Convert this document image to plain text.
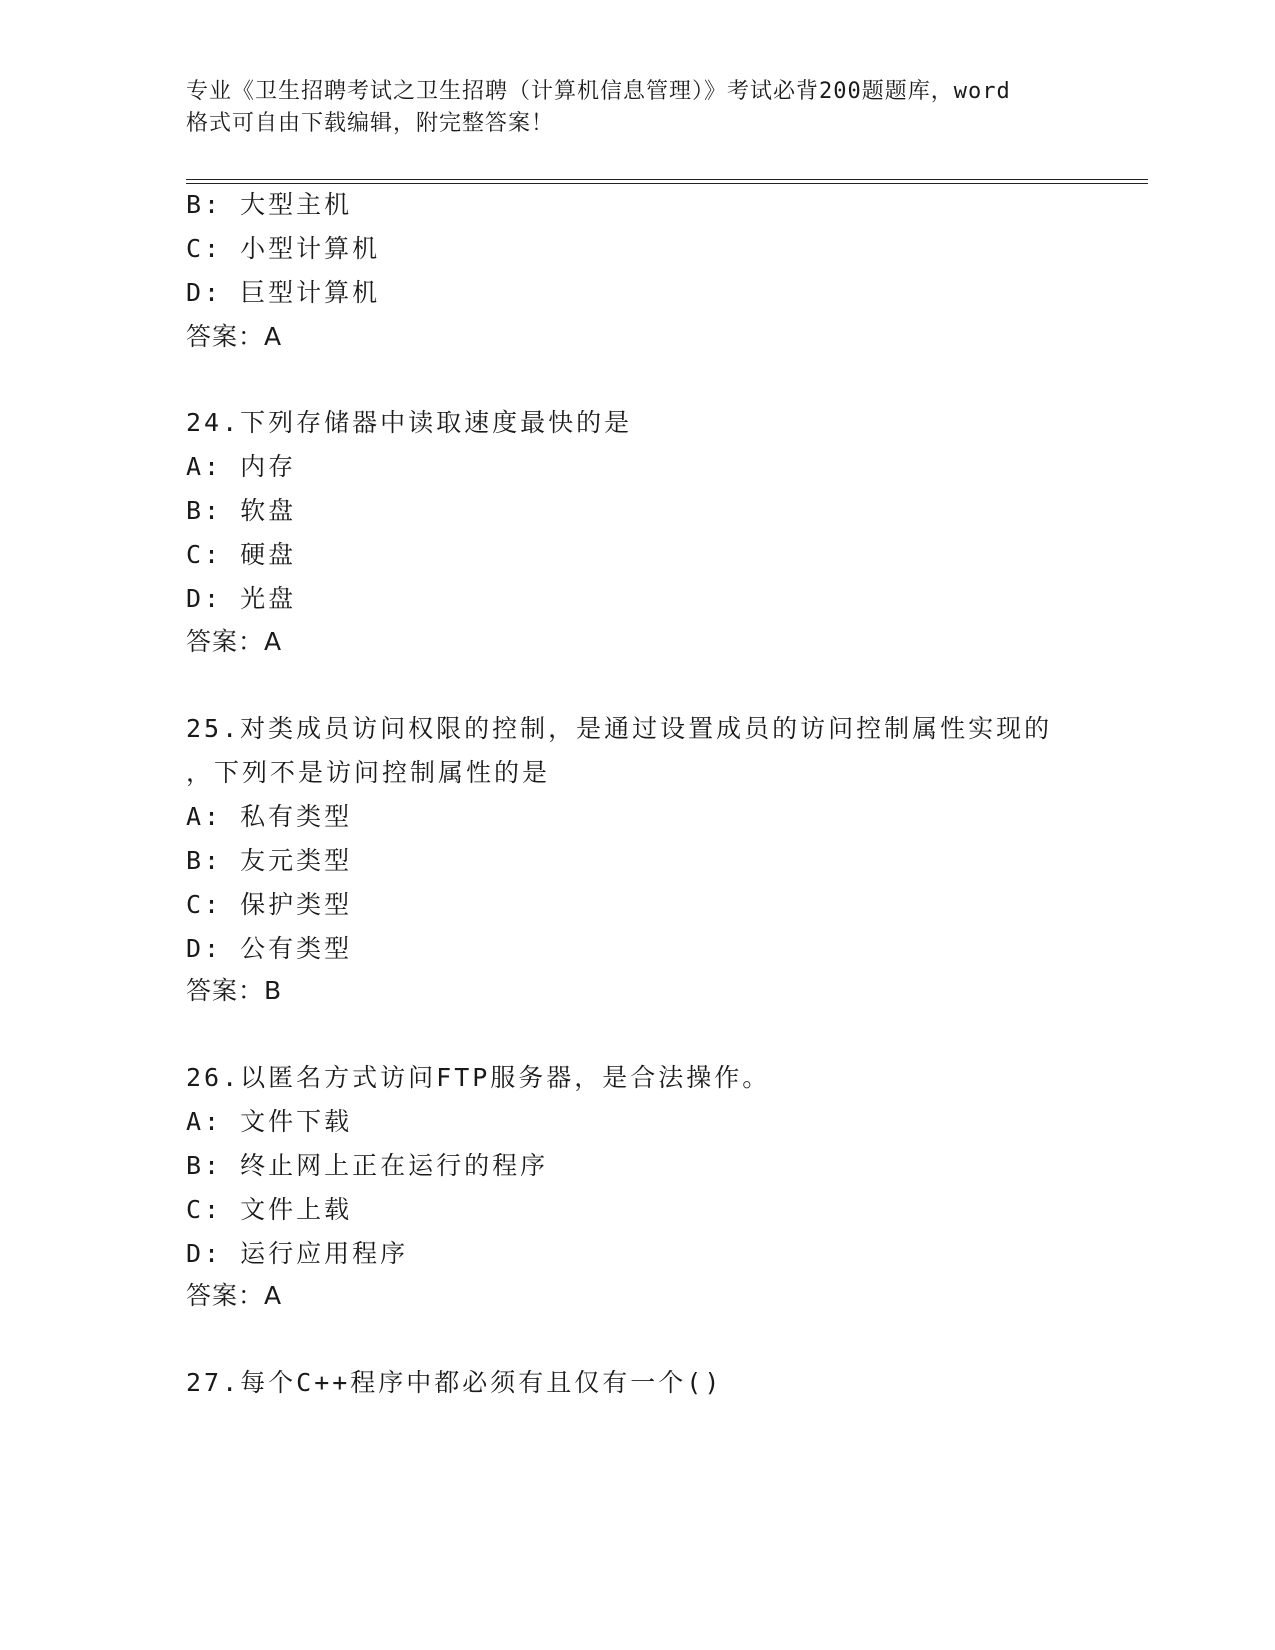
专业《卫生招聘考试之卫生招聘（计算机信息管理）》考试必背200题题库，word
格式可自由下载编辑，附完整答案！
B: 大型主机
C: 小型计算机
D: 巨型计算机
答案：A
24.下列存储器中读取速度最快的是
A: 内存
B: 软盘
C: 硬盘
D: 光盘
答案：A
25.对类成员访问权限的控制，是通过设置成员的访问控制属性实现的
，下列不是访问控制属性的是
A: 私有类型
B: 友元类型
C: 保护类型
D: 公有类型
答案：B
26.以匿名方式访问FTP服务器，是合法操作。
A: 文件下载
B: 终止网上正在运行的程序
C: 文件上载
D: 运行应用程序
答案：A
27.每个C++程序中都必须有且仅有一个()
